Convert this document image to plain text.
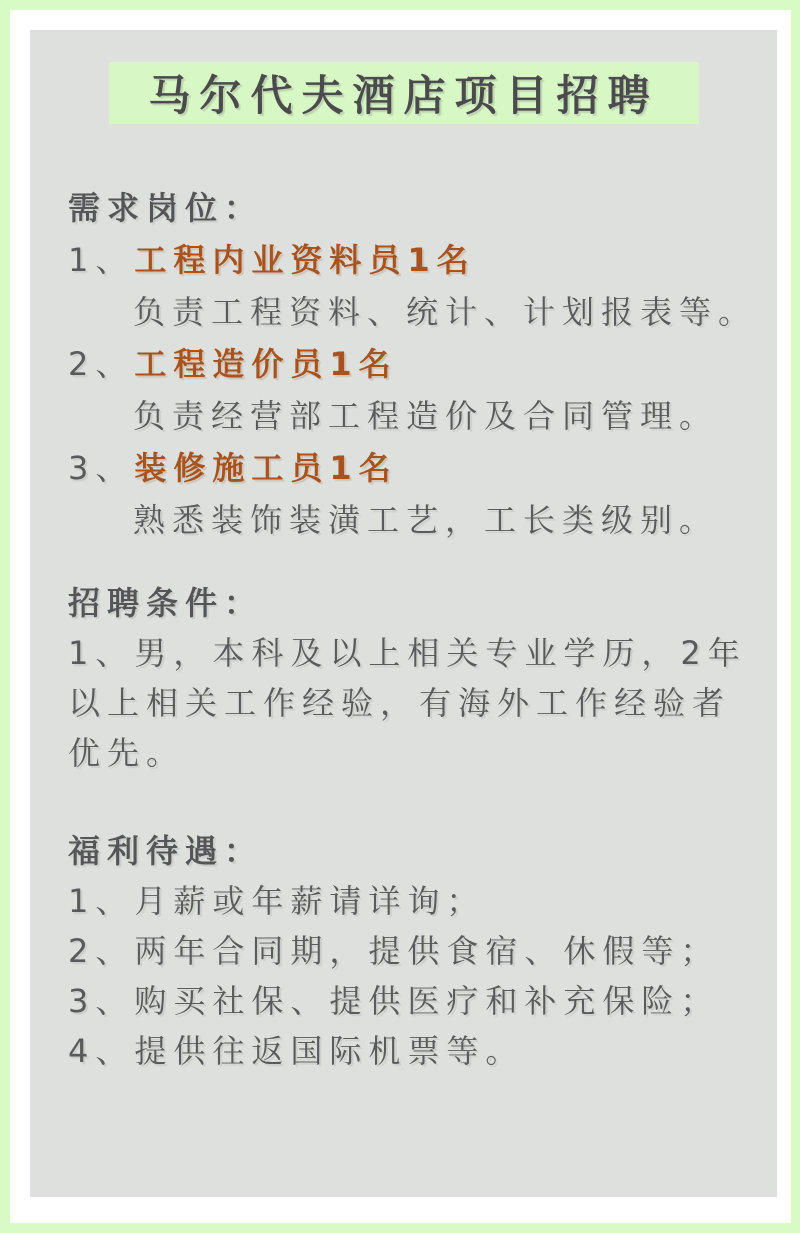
马尔代夫酒店项目招聘
需求岗位：
1、工程内业资料员1名
负责工程资料、统计、计划报表等。
2、工程造价员1名
负责经营部工程造价及合同管理。
3、装修施工员1名
熟悉装饰装潢工艺，工长类级别。
招聘条件：
1、男，本科及以上相关专业学历，2年
以上相关工作经验，有海外工作经验者
优先。
福利待遇：
1、月薪或年薪请详询；
2、两年合同期，提供食宿、休假等；
3、购买社保、提供医疗和补充保险；
4、提供往返国际机票等。
